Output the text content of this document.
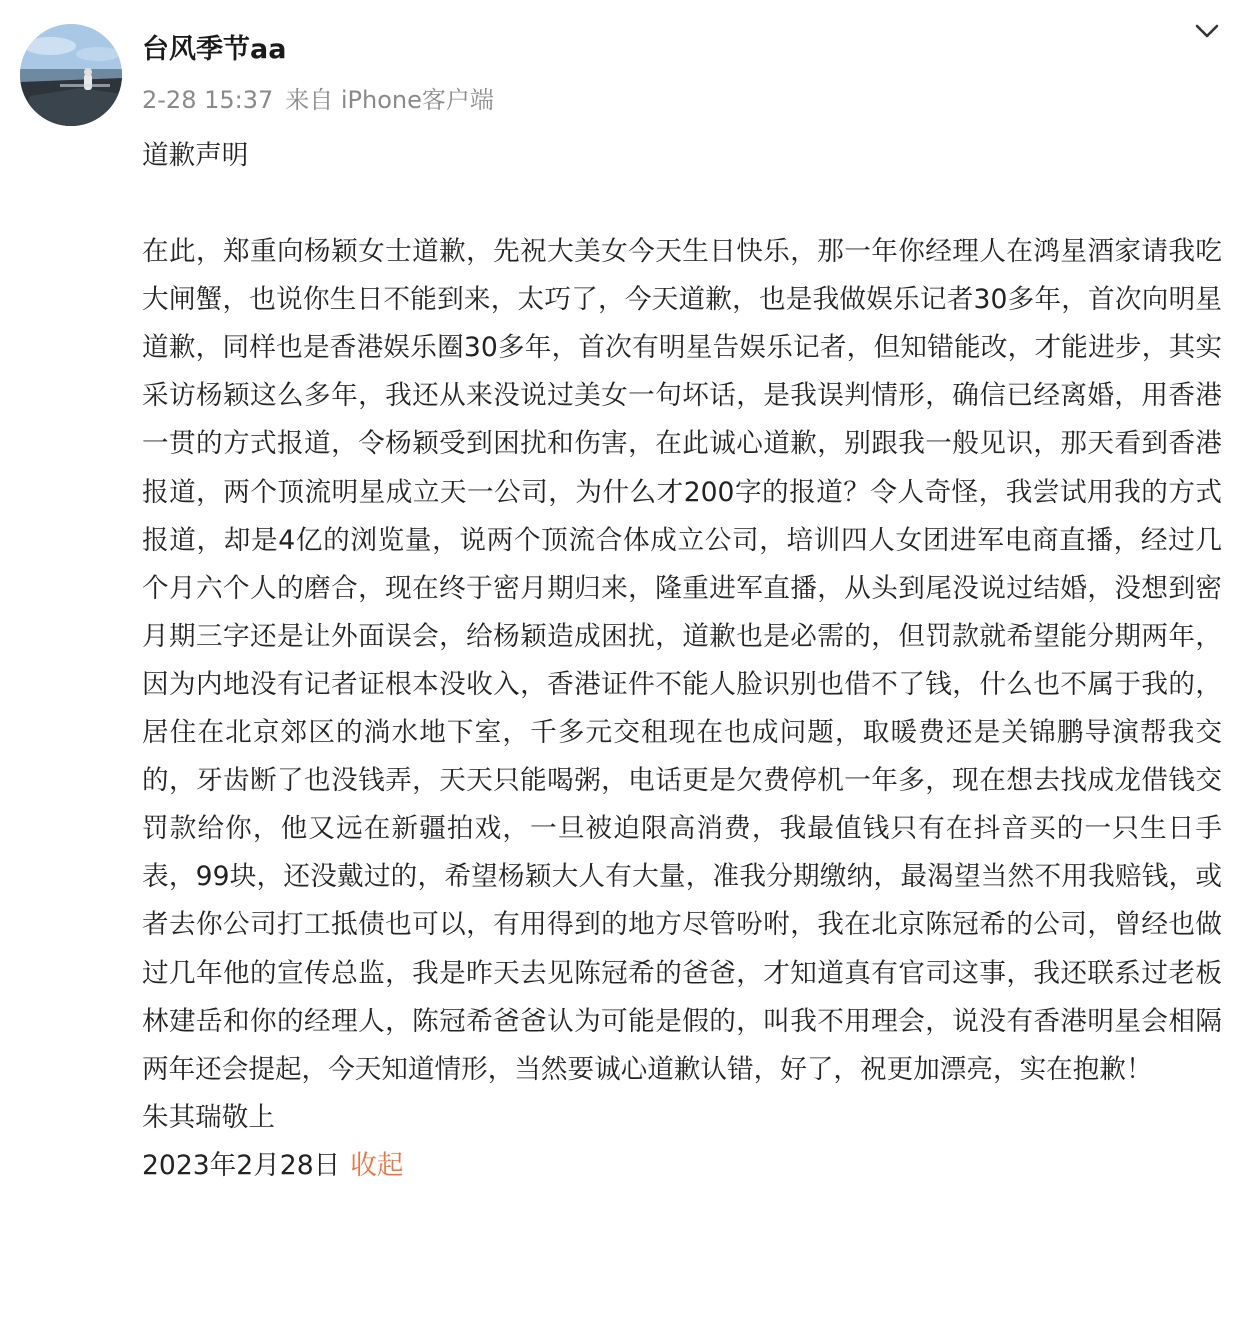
台风季节aa
2-28 15:37 来自 iPhone客户端

道歉声明

在此，郑重向杨颖女士道歉，先祝大美女今天生日快乐，那一年你经理人在鸿星酒家请我吃大闸蟹，也说你生日不能到来，太巧了，今天道歉，也是我做娱乐记者30多年，首次向明星道歉，同样也是香港娱乐圈30多年，首次有明星告娱乐记者，但知错能改，才能进步，其实采访杨颖这么多年，我还从来没说过美女一句坏话，是我误判情形，确信已经离婚，用香港一贯的方式报道，令杨颖受到困扰和伤害，在此诚心道歉，别跟我一般见识，那天看到香港报道，两个顶流明星成立天一公司，为什么才200字的报道？令人奇怪，我尝试用我的方式报道，却是4亿的浏览量，说两个顶流合体成立公司，培训四人女团进军电商直播，经过几个月六个人的磨合，现在终于密月期归来，隆重进军直播，从头到尾没说过结婚，没想到密月期三字还是让外面误会，给杨颖造成困扰，道歉也是必需的，但罚款就希望能分期两年，因为内地没有记者证根本没收入，香港证件不能人脸识别也借不了钱，什么也不属于我的，居住在北京郊区的淌水地下室，千多元交租现在也成问题，取暖费还是关锦鹏导演帮我交的，牙齿断了也没钱弄，天天只能喝粥，电话更是欠费停机一年多，现在想去找成龙借钱交罚款给你，他又远在新疆拍戏，一旦被迫限高消费，我最值钱只有在抖音买的一只生日手表，99块，还没戴过的，希望杨颖大人有大量，准我分期缴纳，最渴望当然不用我赔钱，或者去你公司打工抵债也可以，有用得到的地方尽管吩咐，我在北京陈冠希的公司，曾经也做过几年他的宣传总监，我是昨天去见陈冠希的爸爸，才知道真有官司这事，我还联系过老板林建岳和你的经理人，陈冠希爸爸认为可能是假的，叫我不用理会，说没有香港明星会相隔两年还会提起，今天知道情形，当然要诚心道歉认错，好了，祝更加漂亮，实在抱歉！

朱其瑞敬上

2023年2月28日 收起
